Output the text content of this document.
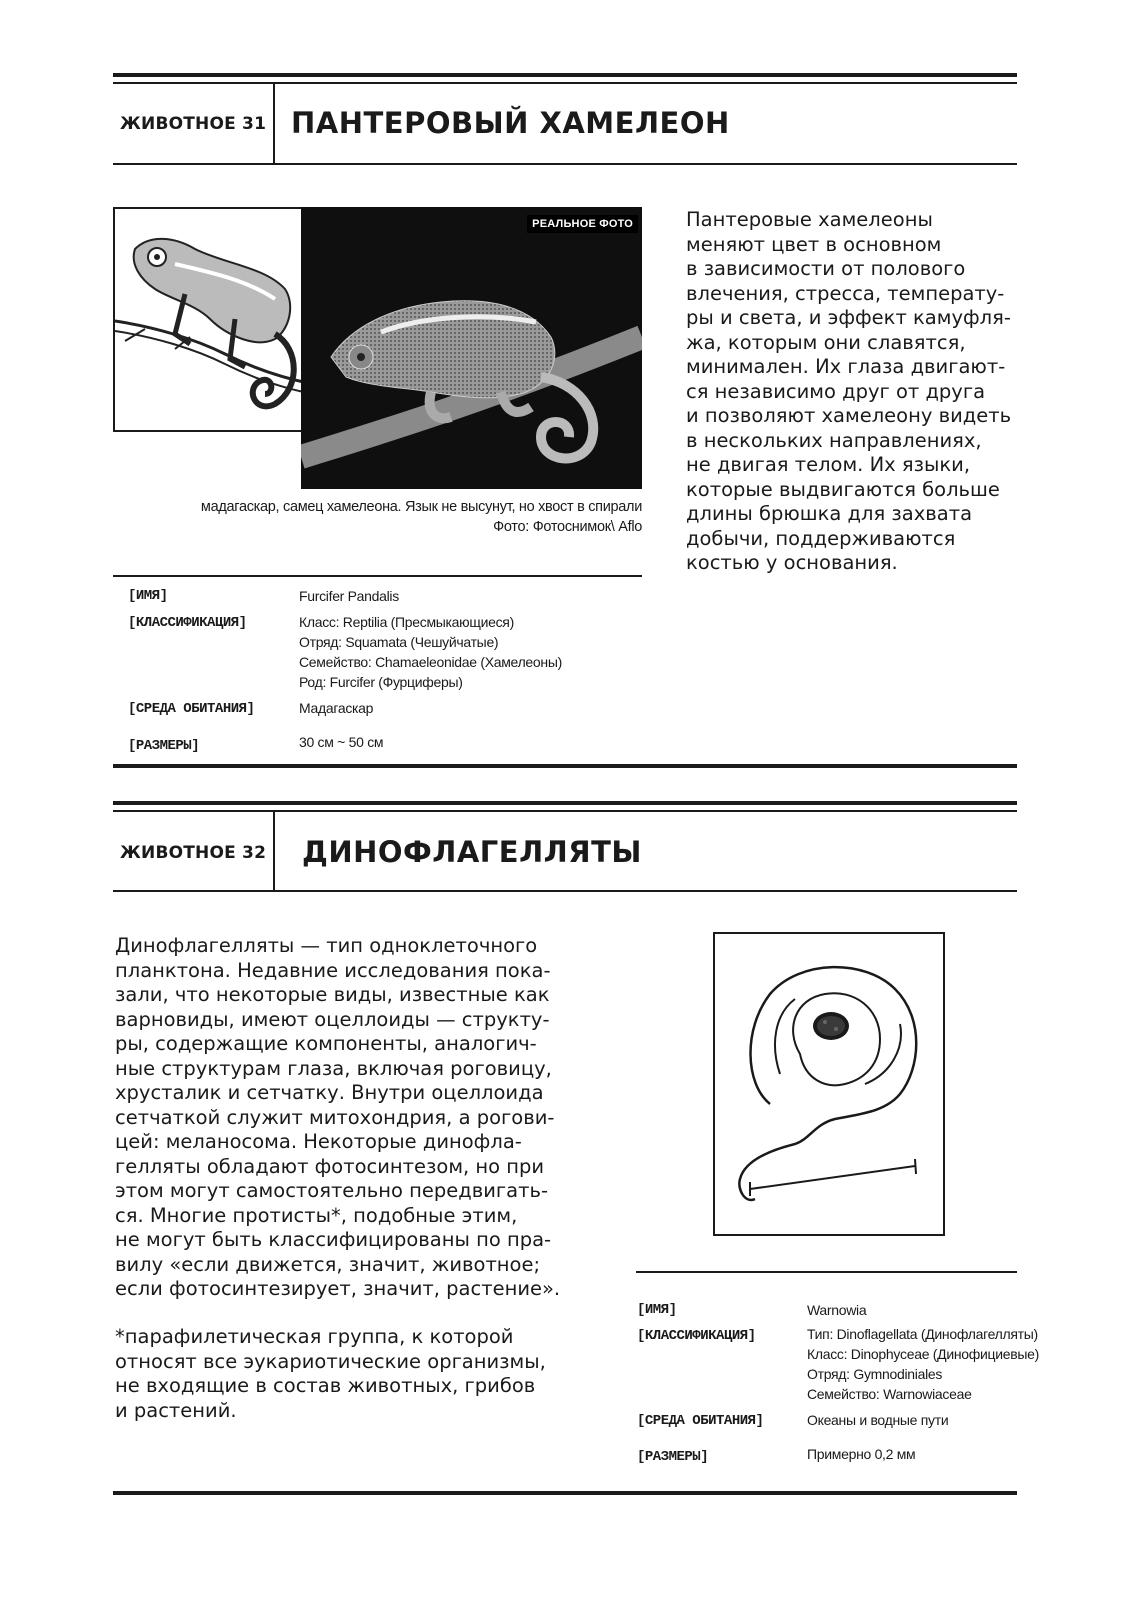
ЖИВОТНОЕ 31 ПАНТЕРОВЫЙ ХАМЕЛЕОН
РЕАЛЬНОЕ ФОТО
мадагаскар, самец хамелеона. Язык не высунут, но хвост в спирали
Фото: Фотоснимок\ Aflo
Пантеровые хамелеоны
меняют цвет в основном
в зависимости от полового
влечения, стресса, температу-
ры и света, и эффект камуфля-
жа, которым они славятся,
минимален. Их глаза двигают-
ся независимо друг от друга
и позволяют хамелеону видеть
в нескольких направлениях,
не двигая телом. Их языки,
которые выдвигаются больше
длины брюшка для захвата
добычи, поддерживаются
костью у основания.
[ИМЯ]	Furcifer Pandalis
[КЛАССИФИКАЦИЯ]	Класс: Reptilia (Пресмыкающиеся)
Отряд: Squamata (Чешуйчатые)
Семейство: Chamaeleonidae (Хамелеоны)
Род: Furcifer (Фурциферы)
[СРЕДА ОБИТАНИЯ]	Мадагаскар
[РАЗМЕРЫ]	30 см ~ 50 см
ЖИВОТНОЕ 32 ДИНОФЛАГЕЛЛЯТЫ
Динофлагелляты — тип одноклеточного
планктона. Недавние исследования пока-
зали, что некоторые виды, известные как
варновиды, имеют оцеллоиды — структу-
ры, содержащие компоненты, аналогич-
ные структурам глаза, включая роговицу,
хрусталик и сетчатку. Внутри оцеллоида
сетчаткой служит митохондрия, а рогови-
цей: меланосома. Некоторые динофла-
гелляты обладают фотосинтезом, но при
этом могут самостоятельно передвигать-
ся. Многие протисты*, подобные этим,
не могут быть классифицированы по пра-
вилу «если движется, значит, животное;
если фотосинтезирует, значит, растение».
*парафилетическая группа, к которой
относят все эукариотические организмы,
не входящие в состав животных, грибов
и растений.
[ИМЯ]	Warnowia
[КЛАССИФИКАЦИЯ]	Тип: Dinoflagellata (Динофлагелляты)
Класс: Dinophyceae (Динофициевые)
Отряд: Gymnodiniales
Семейство: Warnowiaceae
[СРЕДА ОБИТАНИЯ]	Океаны и водные пути
[РАЗМЕРЫ]	Примерно 0,2 мм
